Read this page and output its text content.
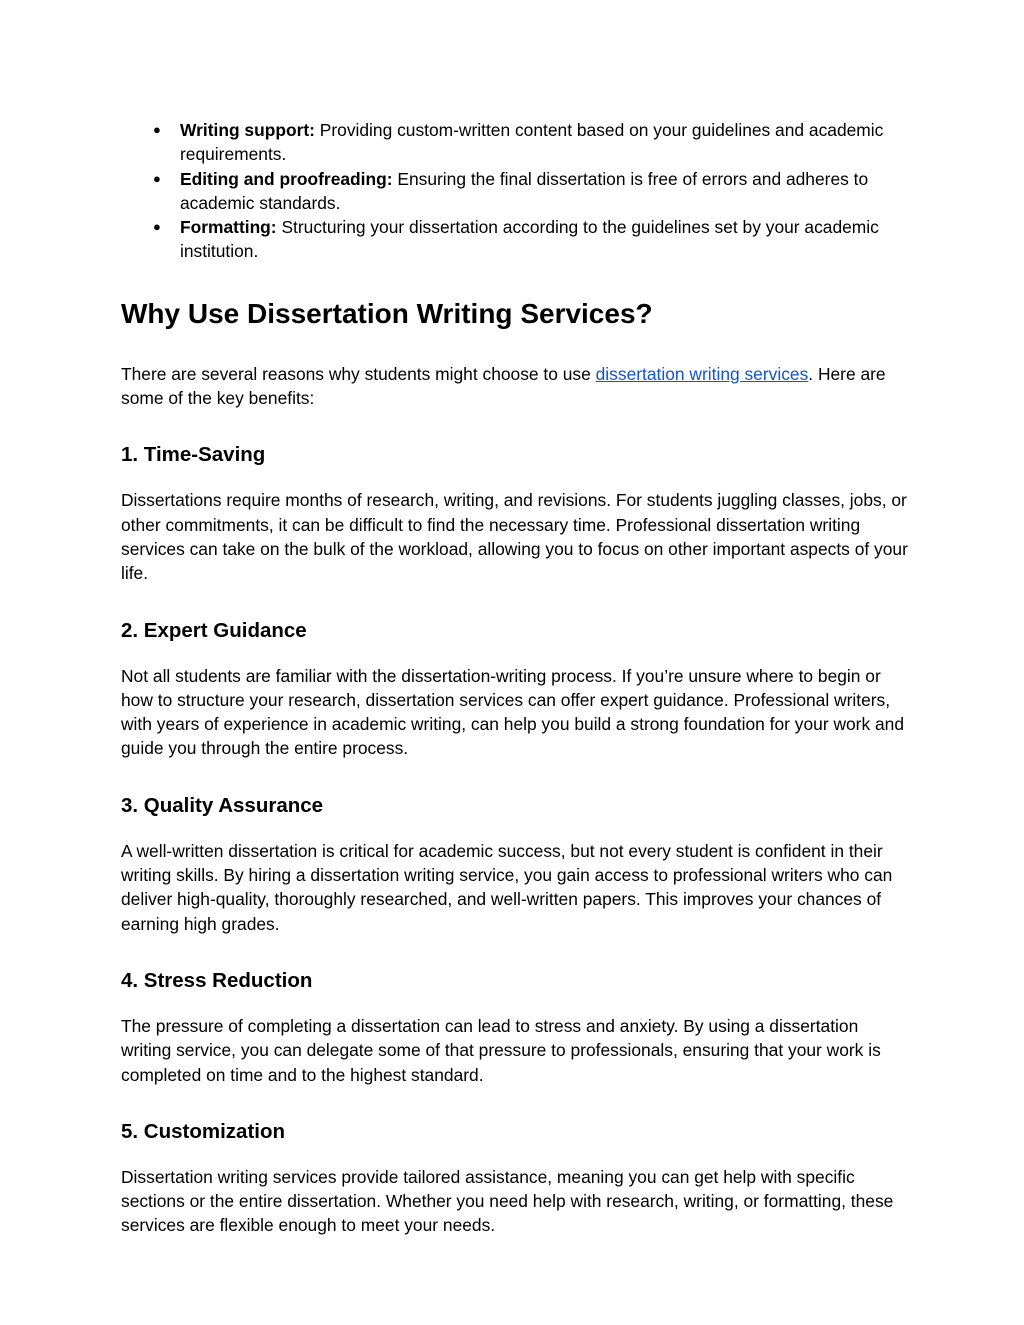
● Writing support: Providing custom-written content based on your guidelines and academic requirements.
● Editing and proofreading: Ensuring the final dissertation is free of errors and adheres to academic standards.
● Formatting: Structuring your dissertation according to the guidelines set by your academic institution.
Why Use Dissertation Writing Services?

There are several reasons why students might choose to use dissertation writing services. Here are some of the key benefits:

1. Time-Saving

Dissertations require months of research, writing, and revisions. For students juggling classes, jobs, or other commitments, it can be difficult to find the necessary time. Professional dissertation writing services can take on the bulk of the workload, allowing you to focus on other important aspects of your life.

2. Expert Guidance

Not all students are familiar with the dissertation-writing process. If you’re unsure where to begin or how to structure your research, dissertation services can offer expert guidance. Professional writers, with years of experience in academic writing, can help you build a strong foundation for your work and guide you through the entire process.

3. Quality Assurance

A well-written dissertation is critical for academic success, but not every student is confident in their writing skills. By hiring a dissertation writing service, you gain access to professional writers who can deliver high-quality, thoroughly researched, and well-written papers. This improves your chances of earning high grades.

4. Stress Reduction

The pressure of completing a dissertation can lead to stress and anxiety. By using a dissertation writing service, you can delegate some of that pressure to professionals, ensuring that your work is completed on time and to the highest standard.

5. Customization

Dissertation writing services provide tailored assistance, meaning you can get help with specific sections or the entire dissertation. Whether you need help with research, writing, or formatting, these services are flexible enough to meet your needs.
